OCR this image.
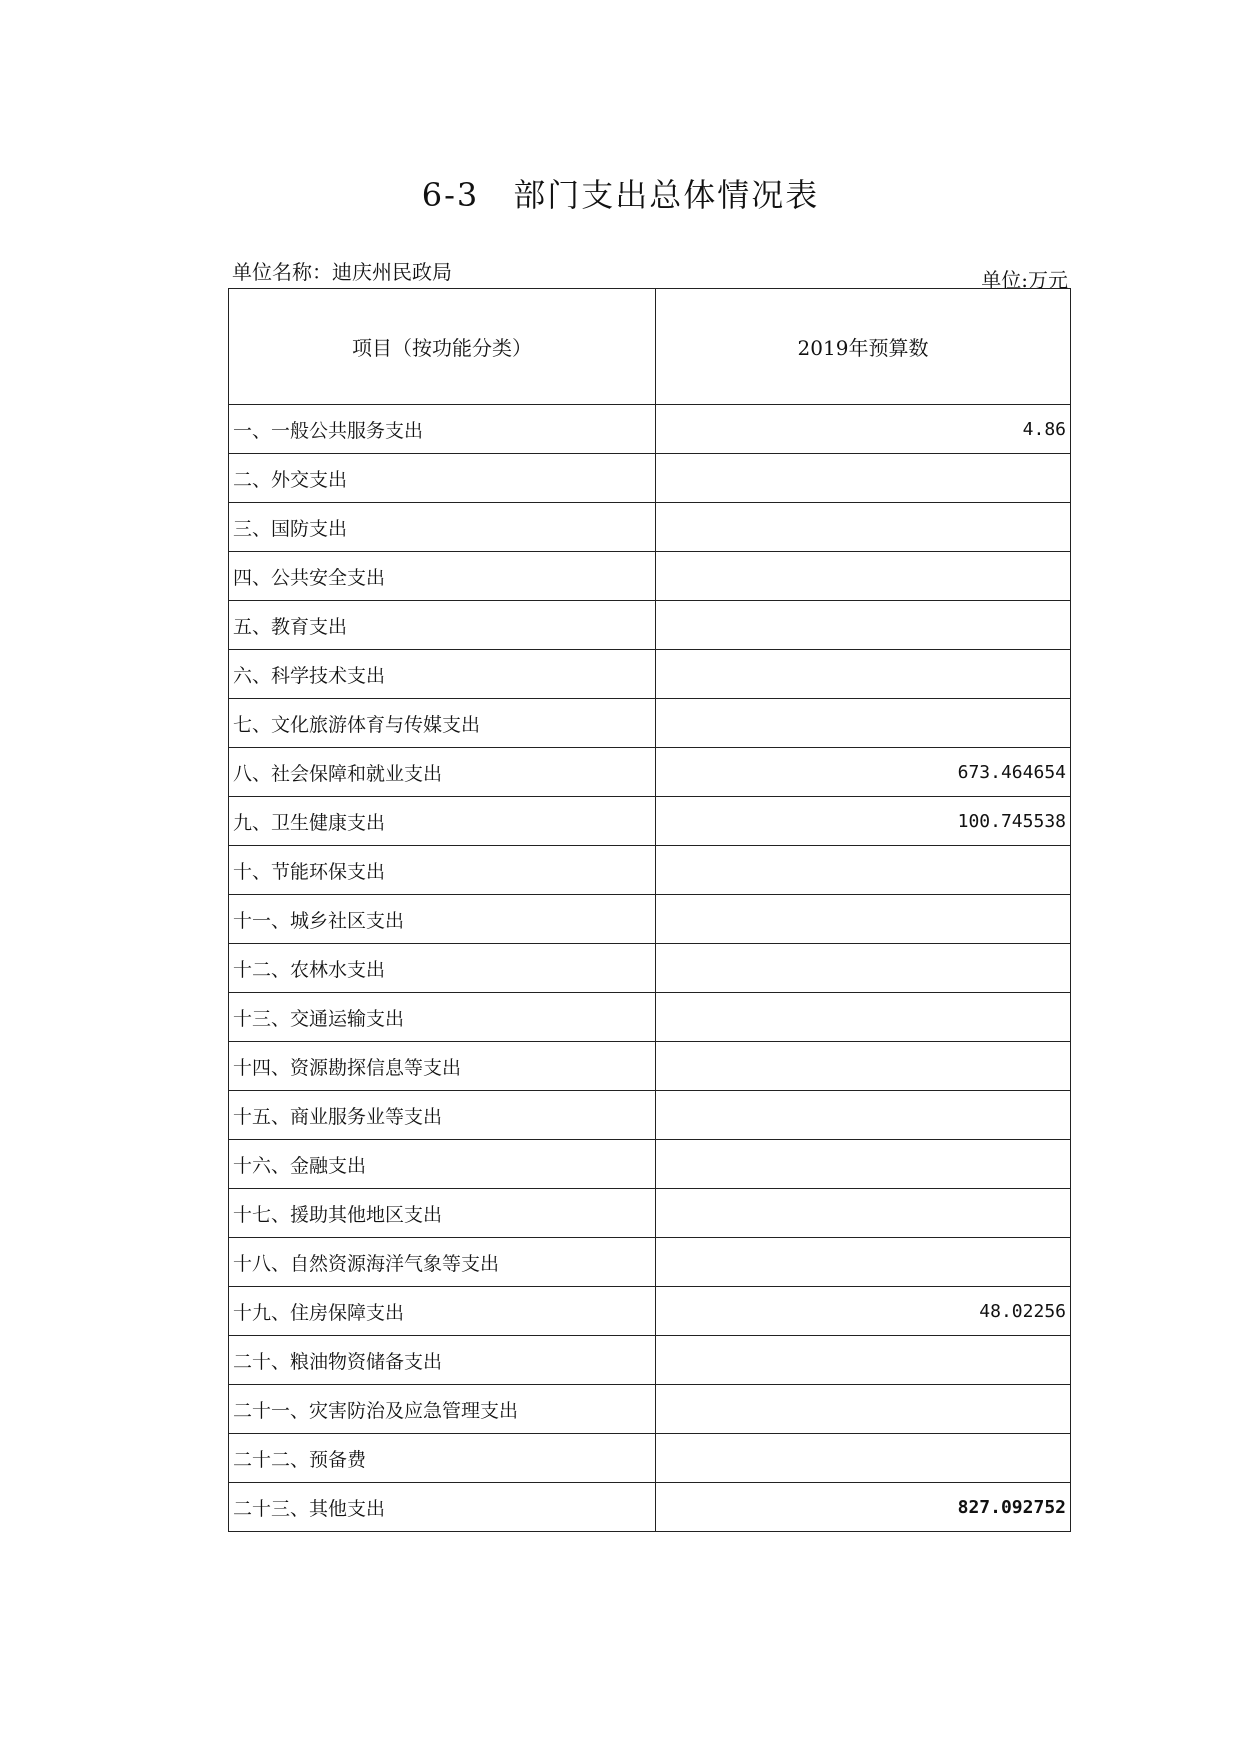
6-3　部门支出总体情况表
单位名称：迪庆州民政局	单位:万元
项目（按功能分类）	2019年预算数
一、一般公共服务支出	4.86
二、外交支出	
三、国防支出	
四、公共安全支出	
五、教育支出	
六、科学技术支出	
七、文化旅游体育与传媒支出	
八、社会保障和就业支出	673.464654
九、卫生健康支出	100.745538
十、节能环保支出	
十一、城乡社区支出	
十二、农林水支出	
十三、交通运输支出	
十四、资源勘探信息等支出	
十五、商业服务业等支出	
十六、金融支出	
十七、援助其他地区支出	
十八、自然资源海洋气象等支出	
十九、住房保障支出	48.02256
二十、粮油物资储备支出	
二十一、灾害防治及应急管理支出	
二十二、预备费	
二十三、其他支出	827.092752
